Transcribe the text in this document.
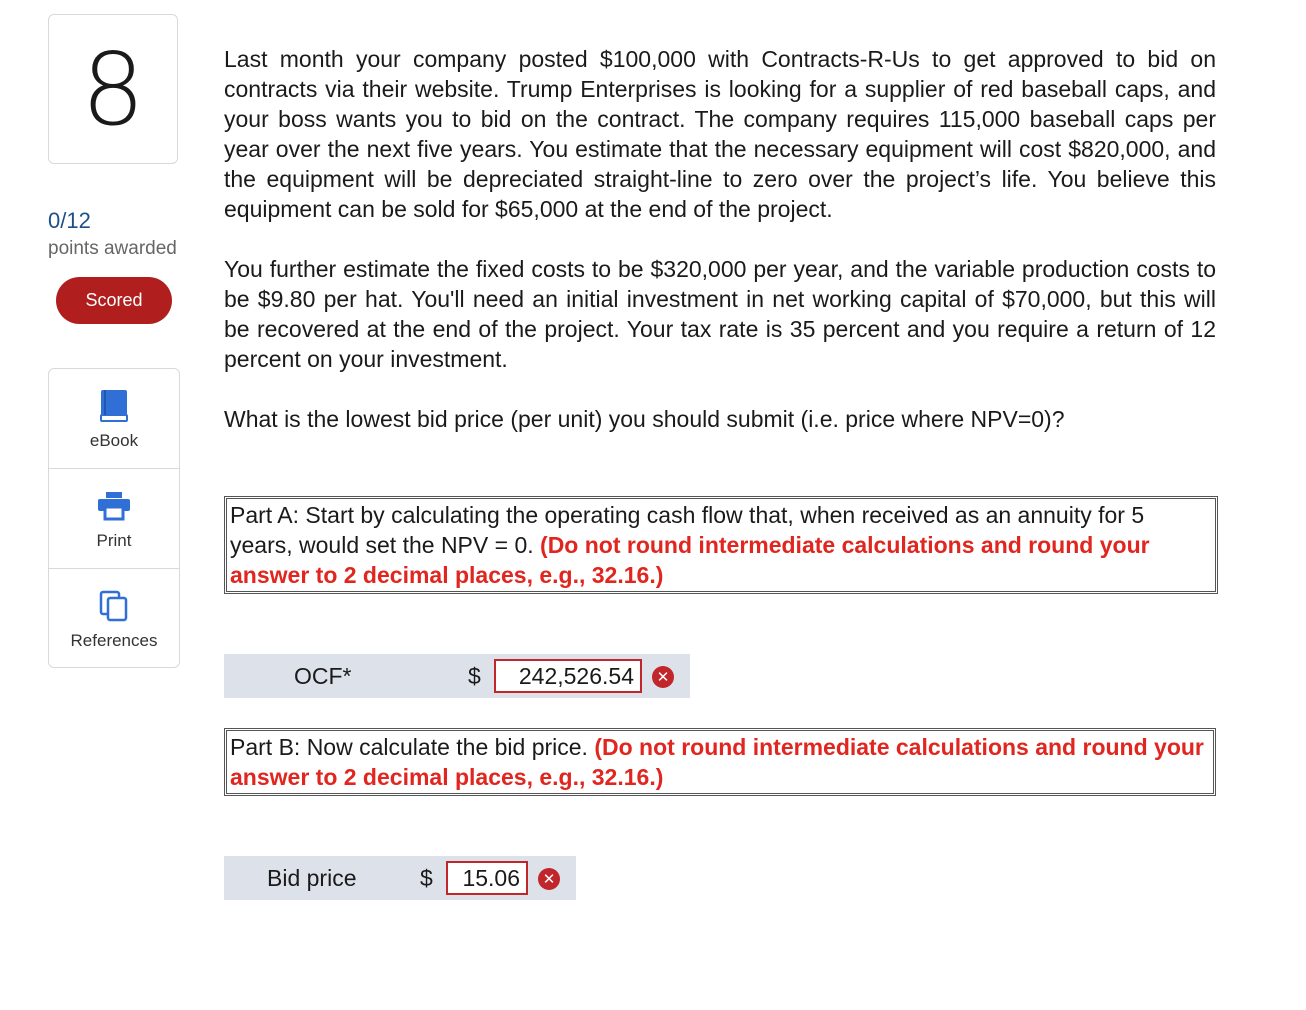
8
0/12
points awarded
Scored
eBook
Print
References

Last month your company posted $100,000 with Contracts-R-Us to get approved to bid on contracts via their website. Trump Enterprises is looking for a supplier of red baseball caps, and your boss wants you to bid on the contract. The company requires 115,000 baseball caps per year over the next five years. You estimate that the necessary equipment will cost $820,000, and the equipment will be depreciated straight-line to zero over the project’s life. You believe this equipment can be sold for $65,000 at the end of the project.

You further estimate the fixed costs to be $320,000 per year, and the variable production costs to be $9.80 per hat. You'll need an initial investment in net working capital of $70,000, but this will be recovered at the end of the project. Your tax rate is 35 percent and you require a return of 12 percent on your investment.

What is the lowest bid price (per unit) you should submit (i.e. price where NPV=0)?

Part A: Start by calculating the operating cash flow that, when received as an annuity for 5 years, would set the NPV = 0. (Do not round intermediate calculations and round your answer to 2 decimal places, e.g., 32.16.)
OCF*	$	242,526.54	✕
Part B: Now calculate the bid price. (Do not round intermediate calculations and round your answer to 2 decimal places, e.g., 32.16.)
Bid price	$	15.06	✕
